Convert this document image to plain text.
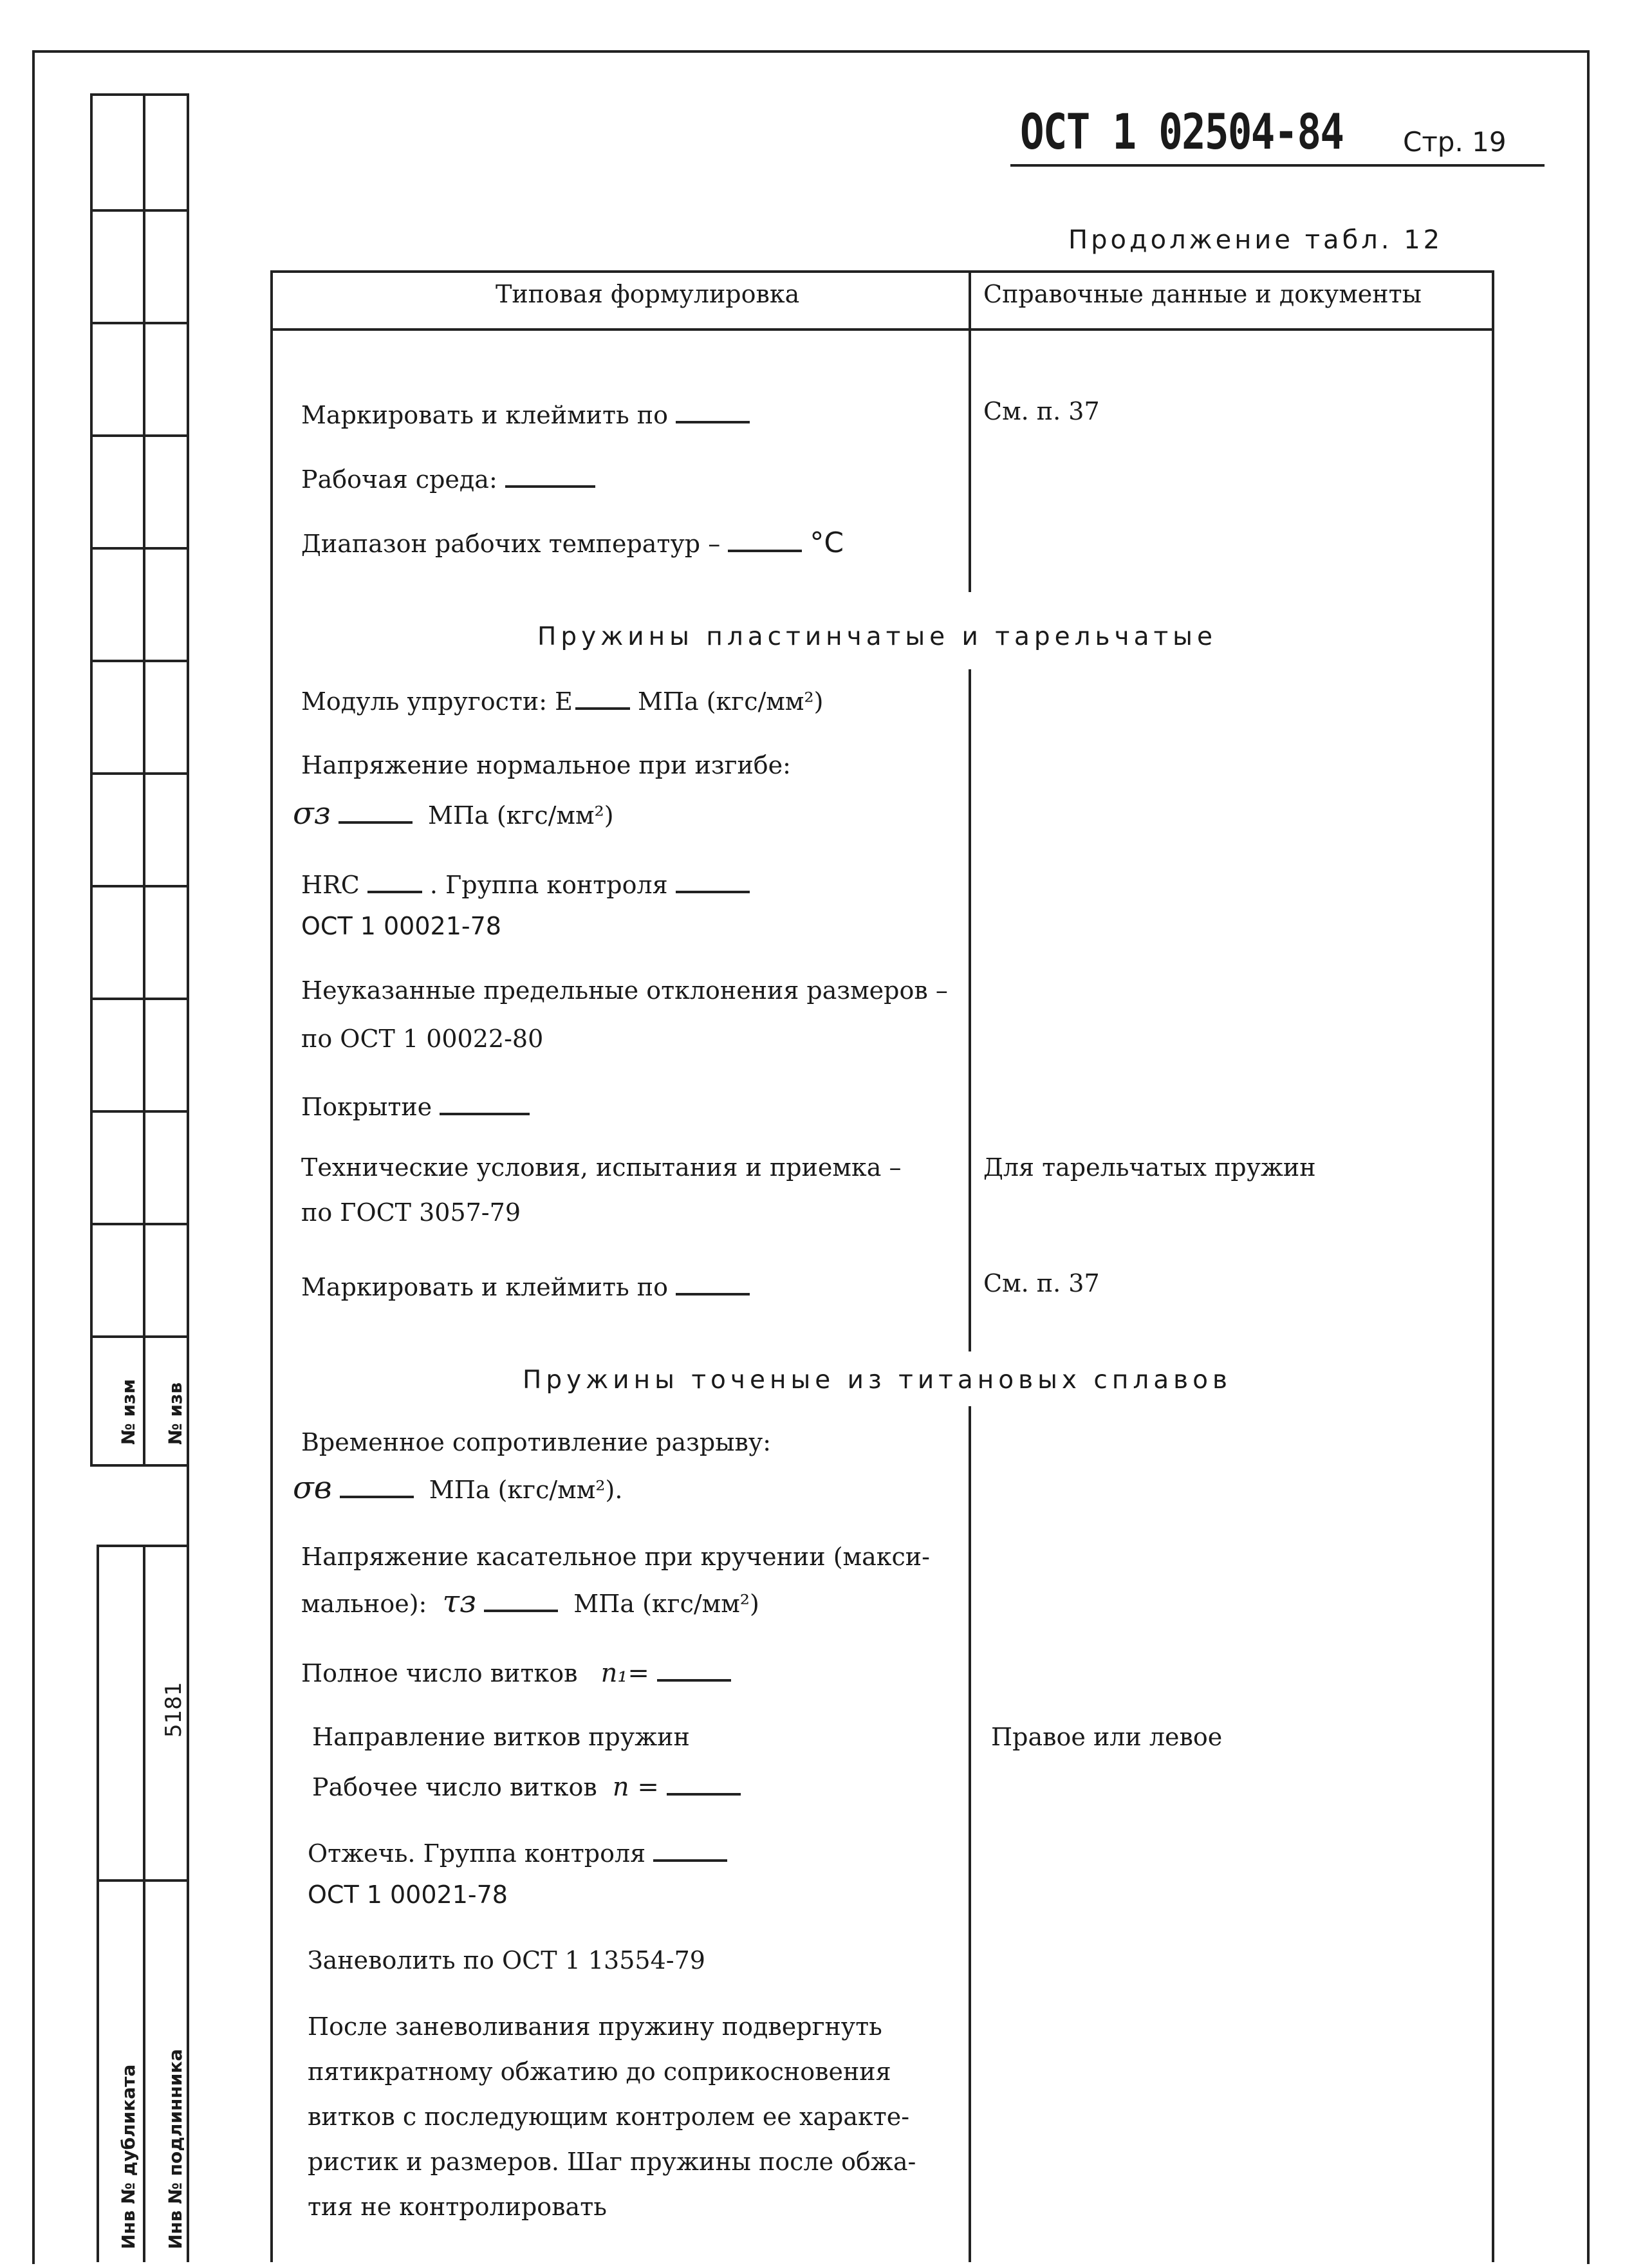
№ изм № изв
5181
Инв № дубликата Инв № подлинника
ОСТ 1 02504-84 Стр. 19
Продолжение табл. 12
Типовая формулировка	Справочные данные и документы
Маркировать и клеймить по	См. п. 37
Рабочая среда:
Диапазон рабочих температур –	°С
Пружины пластинчатые и тарельчатые
Модуль упругости: Е	МПа (кгс/мм²)
Напряжение нормальное при изгибе:
σз	МПа (кгс/мм²)
HRC	. Группа контроля
ОСТ 1 00021-78
Неуказанные предельные отклонения размеров –
по ОСТ 1 00022-80
Покрытие
Технические условия, испытания и приемка –	Для тарельчатых пружин
по ГОСТ 3057-79
Маркировать и клеймить по	См. п. 37
Пружины точеные из титановых сплавов
Временное сопротивление разрыву:
σв	МПа (кгс/мм²).
Напряжение касательное при кручении (макси-
мальное): τз	МПа (кгс/мм²)
Полное число витков n₁=
Направление витков пружин	Правое или левое
Рабочее число витков n =
Отжечь. Группа контроля
ОСТ 1 00021-78
Заневолить по ОСТ 1 13554-79
После заневоливания пружину подвергнуть
пятикратному обжатию до соприкосновения
витков с последующим контролем ее характе-
ристик и размеров. Шаг пружины после обжа-
тия не контролировать
